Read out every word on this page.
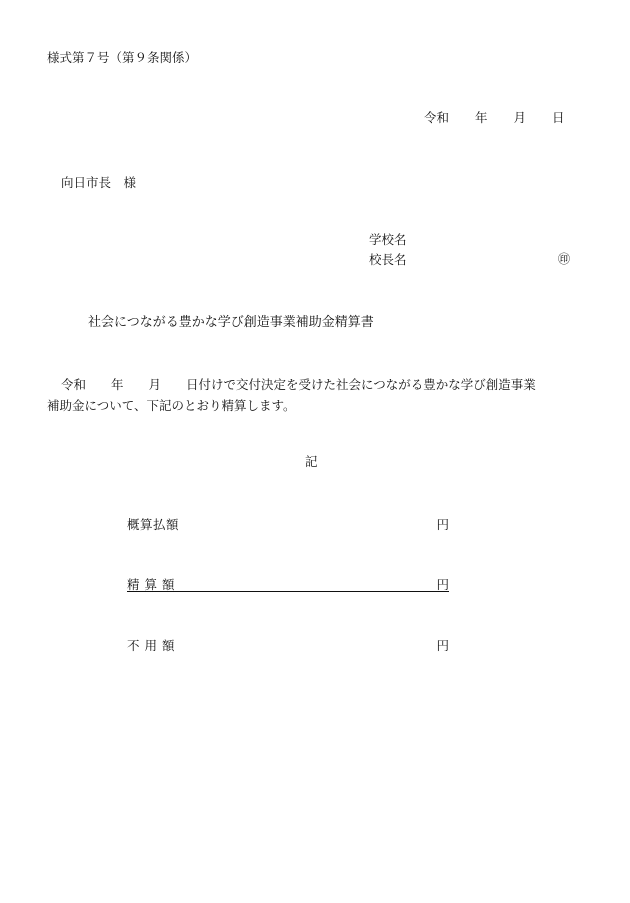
様式第７号（第９条関係）
令和 年 月 日
向日市長　様
学校名
校長名	㊞
社会につながる豊かな学び創造事業補助金精算書
令和　　年　　月　　日付けで交付決定を受けた社会につながる豊かな学び創造事業
補助金について、下記のとおり精算します。
記
概算払額	円
精 算 額	円
不 用 額	円
